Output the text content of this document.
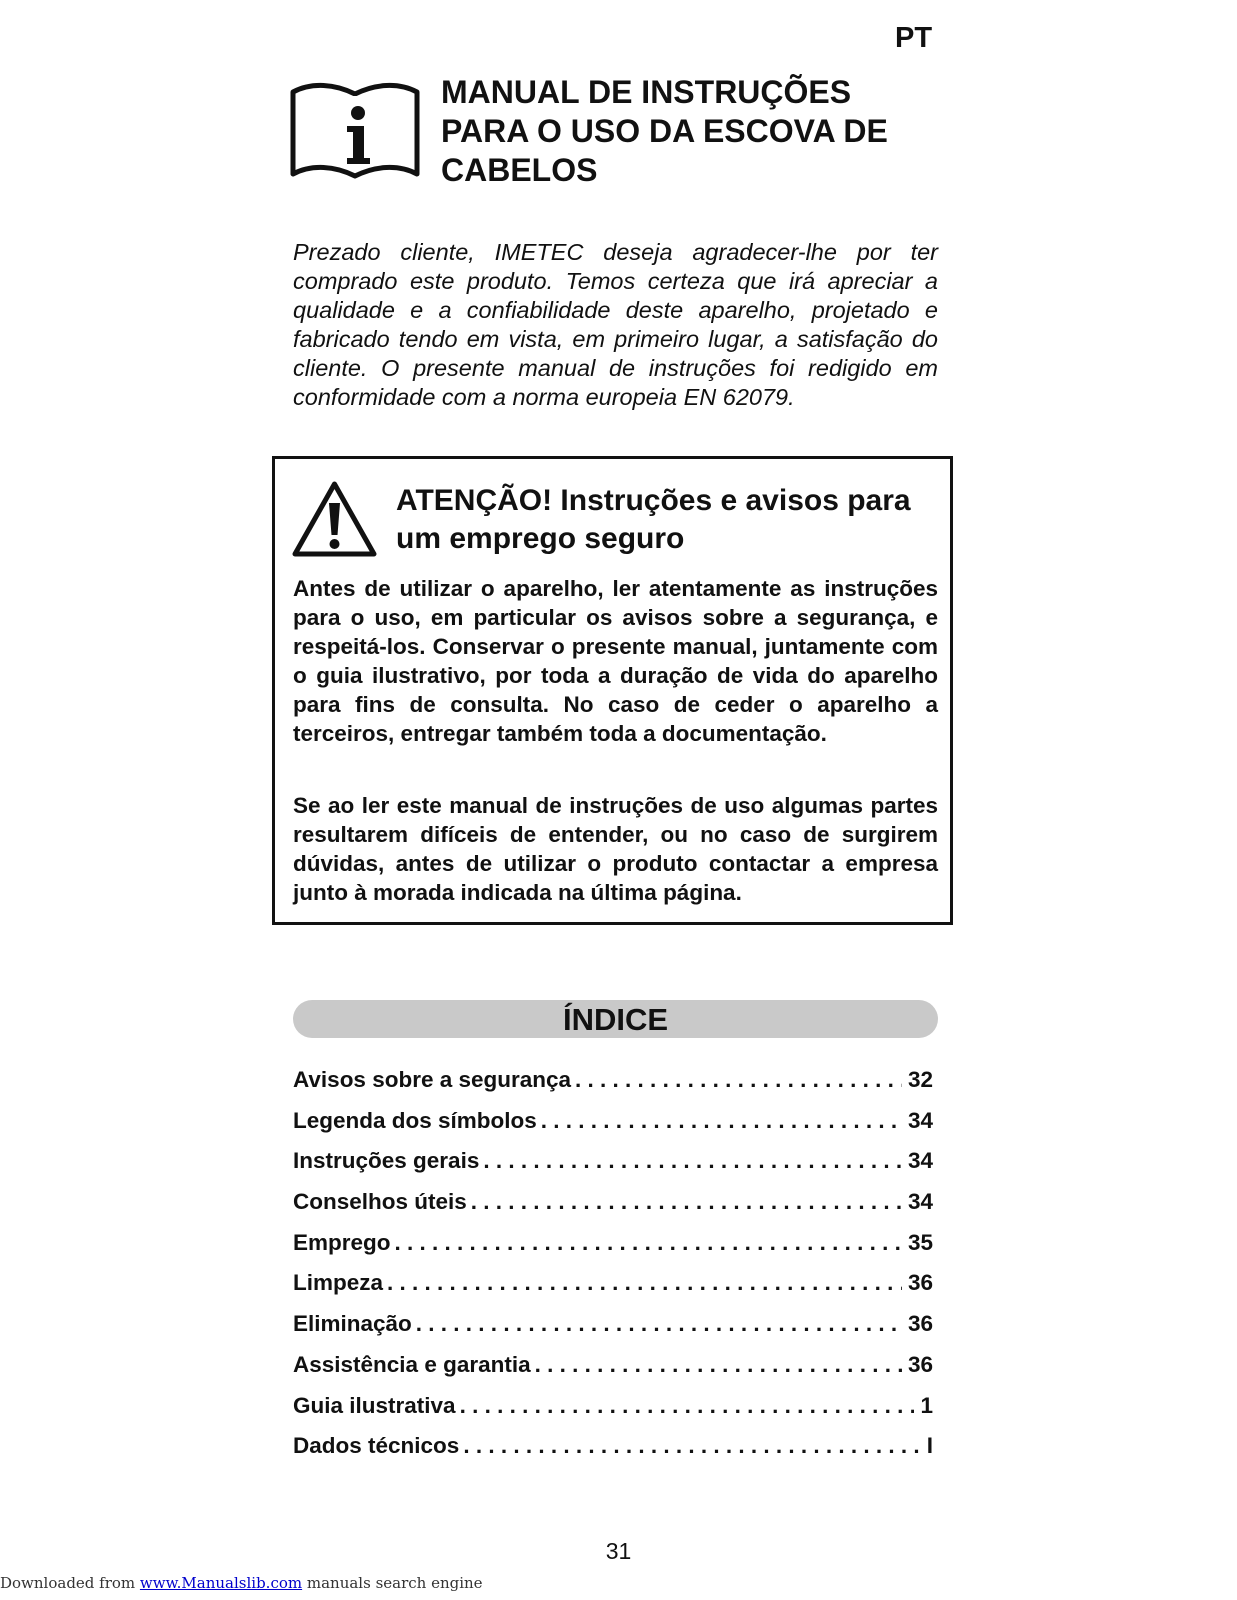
PT
MANUAL DE INSTRUÇÕES PARA O USO DA ESCOVA DE CABELOS

Prezado cliente, IMETEC deseja agradecer-lhe por ter comprado este produto. Temos certeza que irá apreciar a qualidade e a confiabilidade deste aparelho, projetado e fabricado tendo em vista, em primeiro lugar, a satisfação do cliente. O presente manual de instruções foi redigido em conformidade com a norma europeia EN 62079.

ATENÇÃO! Instruções e avisos para um emprego seguro

Antes de utilizar o aparelho, ler atentamente as instruções para o uso, em particular os avisos sobre a segurança, e respeitá-los. Conservar o presente manual, juntamente com o guia ilustrativo, por toda a duração de vida do aparelho para fins de consulta. No caso de ceder o aparelho a terceiros, entregar também toda a documentação.

Se ao ler este manual de instruções de uso algumas partes resultarem difíceis de entender, ou no caso de surgirem dúvidas, antes de utilizar o produto contactar a empresa junto à morada indicada na última página.

ÍNDICE
Avisos sobre a segurança . . .	32
Legenda dos símbolos . . .	34
Instruções gerais . . .	34
Conselhos úteis . . .	34
Emprego . . .	35
Limpeza . . .	36
Eliminação . . .	36
Assistência e garantia . . .	36
Guia ilustrativa . . .	1
Dados técnicos . . .	I
31
Downloaded from www.Manualslib.com manuals search engine
